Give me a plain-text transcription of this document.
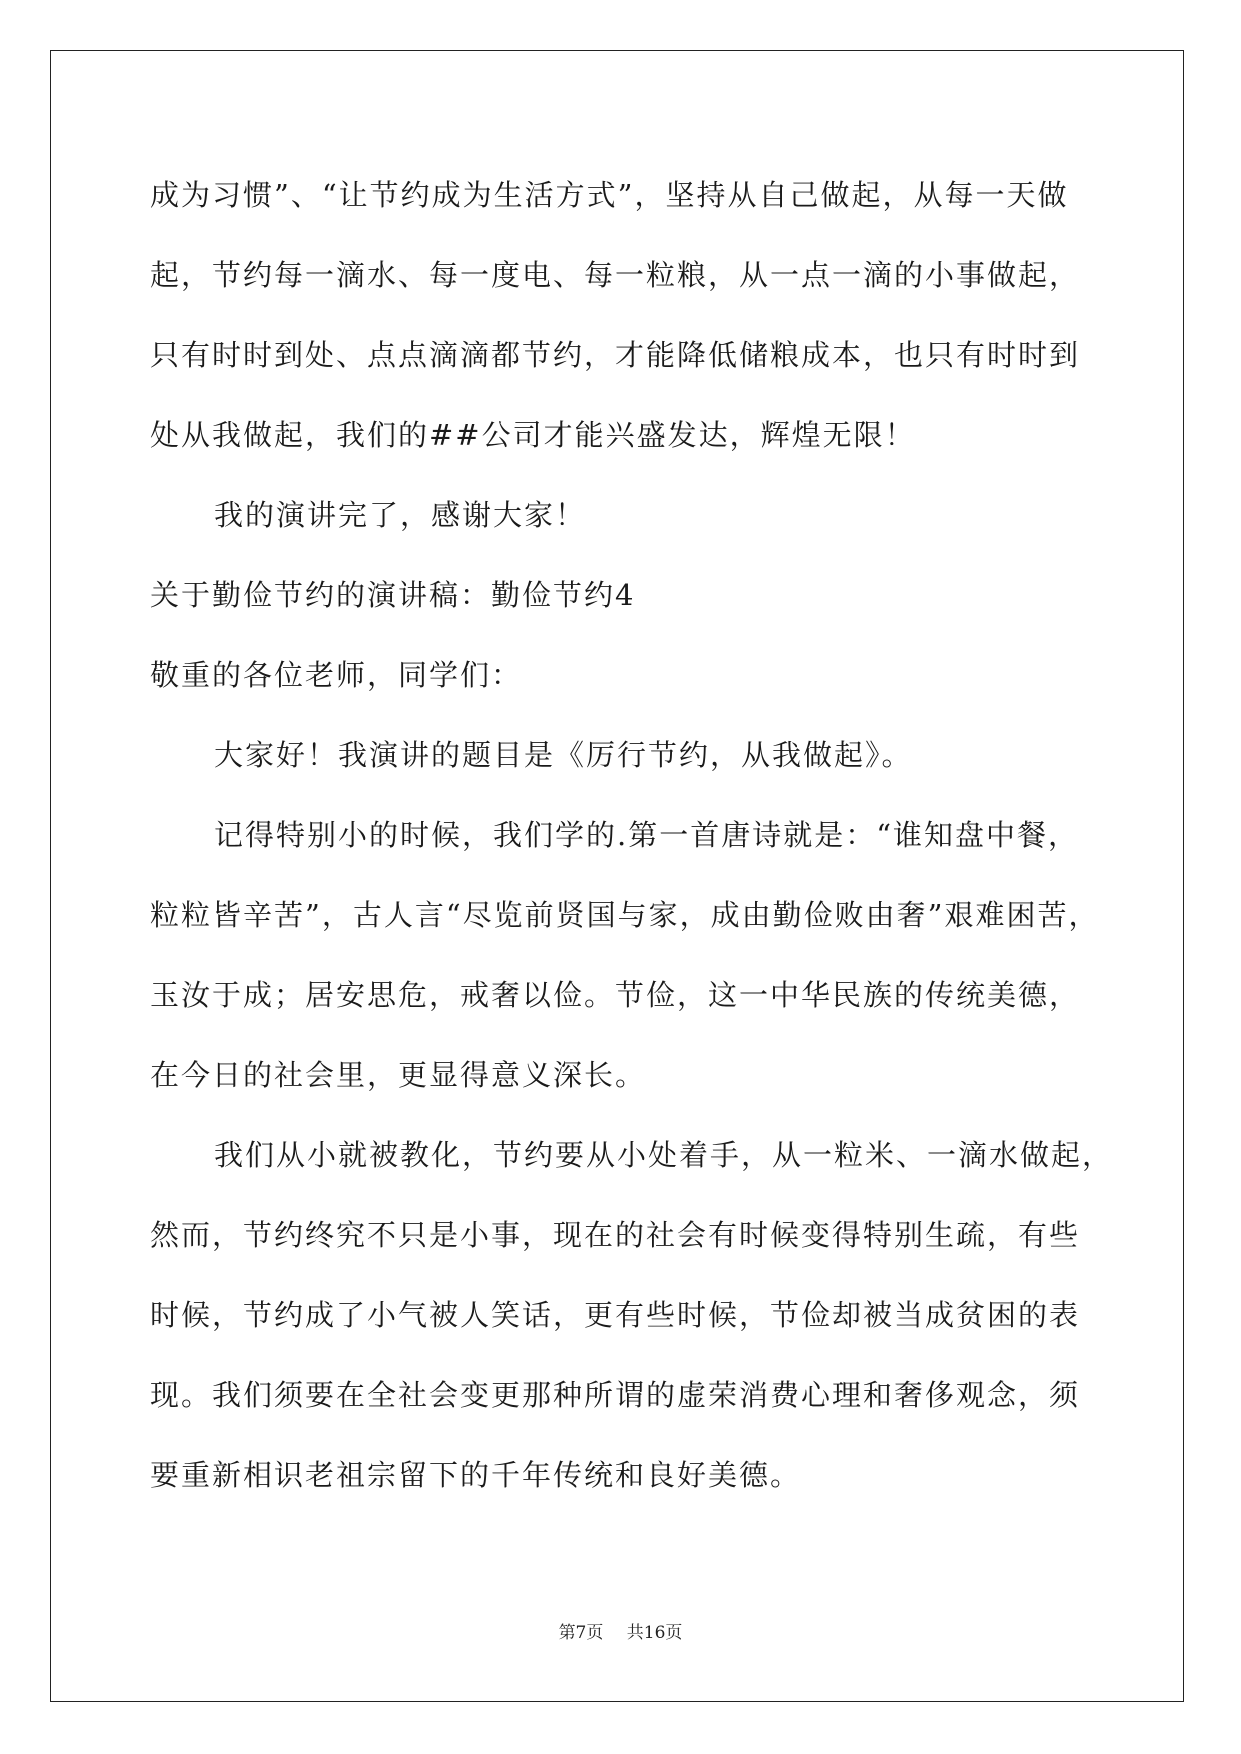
成为习惯”、“让节约成为生活方式”，坚持从自己做起，从每一天做
起，节约每一滴水、每一度电、每一粒粮，从一点一滴的小事做起，
只有时时到处、点点滴滴都节约，才能降低储粮成本，也只有时时到
处从我做起，我们的##公司才能兴盛发达，辉煌无限！
我的演讲完了，感谢大家！
关于勤俭节约的演讲稿：勤俭节约4
敬重的各位老师，同学们：
大家好！我演讲的题目是《厉行节约，从我做起》。
记得特别小的时候，我们学的.第一首唐诗就是：“谁知盘中餐，
粒粒皆辛苦”，古人言“尽览前贤国与家，成由勤俭败由奢”艰难困苦，
玉汝于成；居安思危，戒奢以俭。节俭，这一中华民族的传统美德，
在今日的社会里，更显得意义深长。
我们从小就被教化，节约要从小处着手，从一粒米、一滴水做起，
然而，节约终究不只是小事，现在的社会有时候变得特别生疏，有些
时候，节约成了小气被人笑话，更有些时候，节俭却被当成贫困的表
现。我们须要在全社会变更那种所谓的虚荣消费心理和奢侈观念，须
要重新相识老祖宗留下的千年传统和良好美德。
第7页 共16页
